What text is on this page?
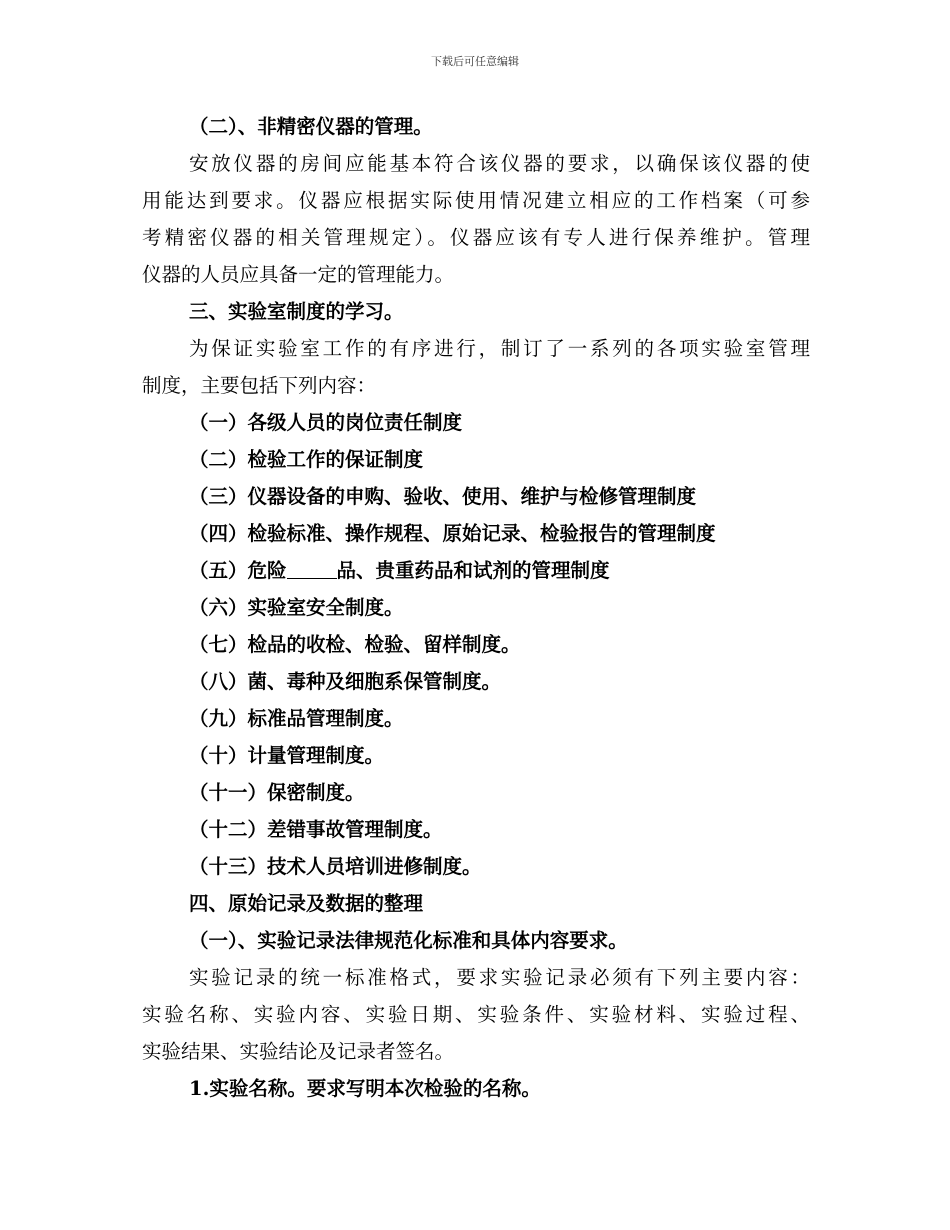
下载后可任意编辑
（二）、非精密仪器的管理。
安放仪器的房间应能基本符合该仪器的要求，以确保该仪器的使
用能达到要求。仪器应根据实际使用情况建立相应的工作档案（可参
考精密仪器的相关管理规定）。仪器应该有专人进行保养维护。管理
仪器的人员应具备一定的管理能力。
三、实验室制度的学习。
为保证实验室工作的有序进行，制订了一系列的各项实验室管理
制度，主要包括下列内容：
（一）各级人员的岗位责任制度
（二）检验工作的保证制度
（三）仪器设备的申购、验收、使用、维护与检修管理制度
（四）检验标准、操作规程、原始记录、检验报告的管理制度
（五）危险	品、贵重药品和试剂的管理制度
（六）实验室安全制度。
（七）检品的收检、检验、留样制度。
（八）菌、毒种及细胞系保管制度。
（九）标准品管理制度。
（十）计量管理制度。
（十一）保密制度。
（十二）差错事故管理制度。
（十三）技术人员培训进修制度。
四、原始记录及数据的整理
（一）、实验记录法律规范化标准和具体内容要求。
实验记录的统一标准格式，要求实验记录必须有下列主要内容：
实验名称、实验内容、实验日期、实验条件、实验材料、实验过程、
实验结果、实验结论及记录者签名。
1.实验名称。要求写明本次检验的名称。
